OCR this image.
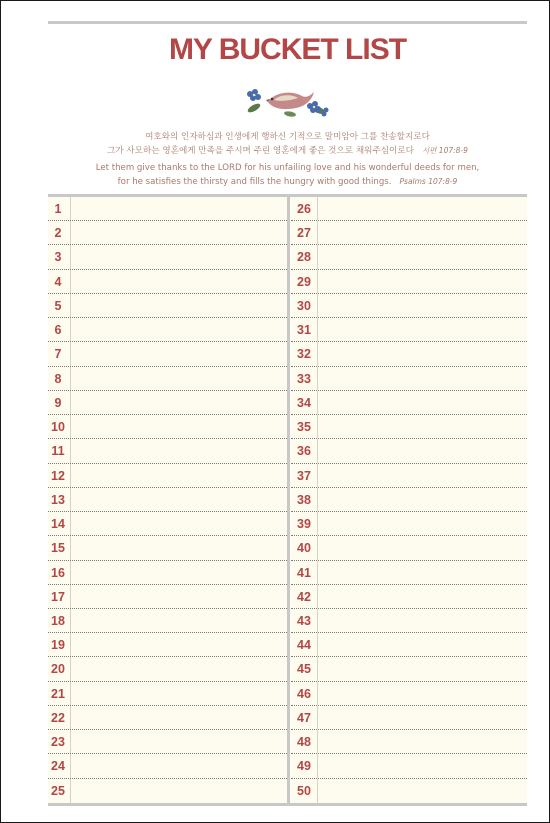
MY BUCKET LIST
여호와의 인자하심과 인생에게 행하신 기적으로 말미암아 그를 찬송할지로다
그가 사모하는 영혼에게 만족을 주시며 주린 영혼에게 좋은 것으로 채워주심이로다 시편 107:8-9
Let them give thanks to the LORD for his unfailing love and his wonderful deeds for men,
for he satisfies the thirsty and fills the hungry with good things. Psalms 107:8-9
1
2
3
4
5
6
7
8
9
10
11
12
13
14
15
16
17
18
19
20
21
22
23
24
25
26
27
28
29
30
31
32
33
34
35
36
37
38
39
40
41
42
43
44
45
46
47
48
49
50
